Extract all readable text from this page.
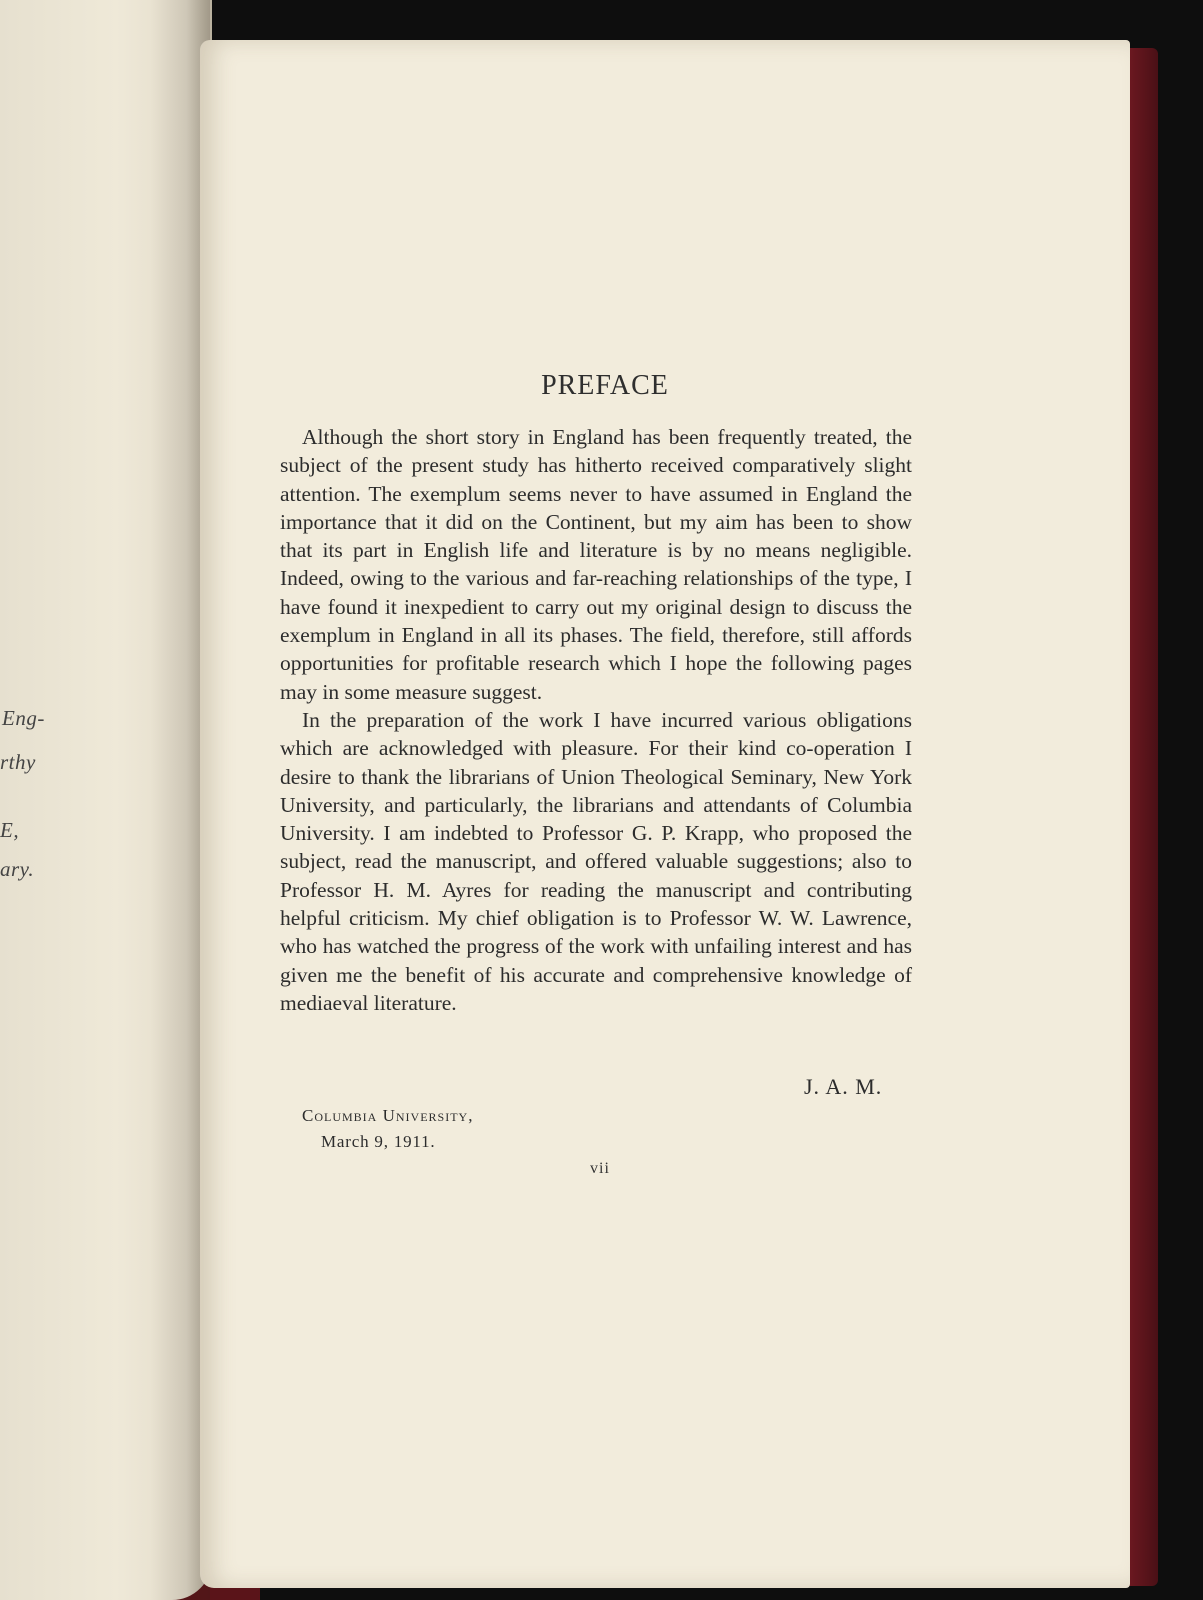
Eng-
rthy
E,
ary.
PREFACE

Although the short story in England has been frequently treated, the subject of the present study has hitherto received comparatively slight attention. The exemplum seems never to have assumed in England the importance that it did on the Continent, but my aim has been to show that its part in English life and literature is by no means negligible. Indeed, owing to the various and far-reaching relationships of the type, I have found it inexpedient to carry out my original design to discuss the exemplum in England in all its phases. The field, therefore, still affords opportunities for profitable research which I hope the following pages may in some measure suggest.

In the preparation of the work I have incurred various obligations which are acknowledged with pleasure. For their kind co-operation I desire to thank the librarians of Union Theological Seminary, New York University, and particularly, the librarians and attendants of Columbia University. I am indebted to Professor G. P. Krapp, who proposed the subject, read the manuscript, and offered valuable suggestions; also to Professor H. M. Ayres for reading the manuscript and contributing helpful criticism. My chief obligation is to Professor W. W. Lawrence, who has watched the progress of the work with unfailing interest and has given me the benefit of his accurate and comprehensive knowledge of mediaeval literature.

J. A. M.
Columbia University,
March 9, 1911.
vii
